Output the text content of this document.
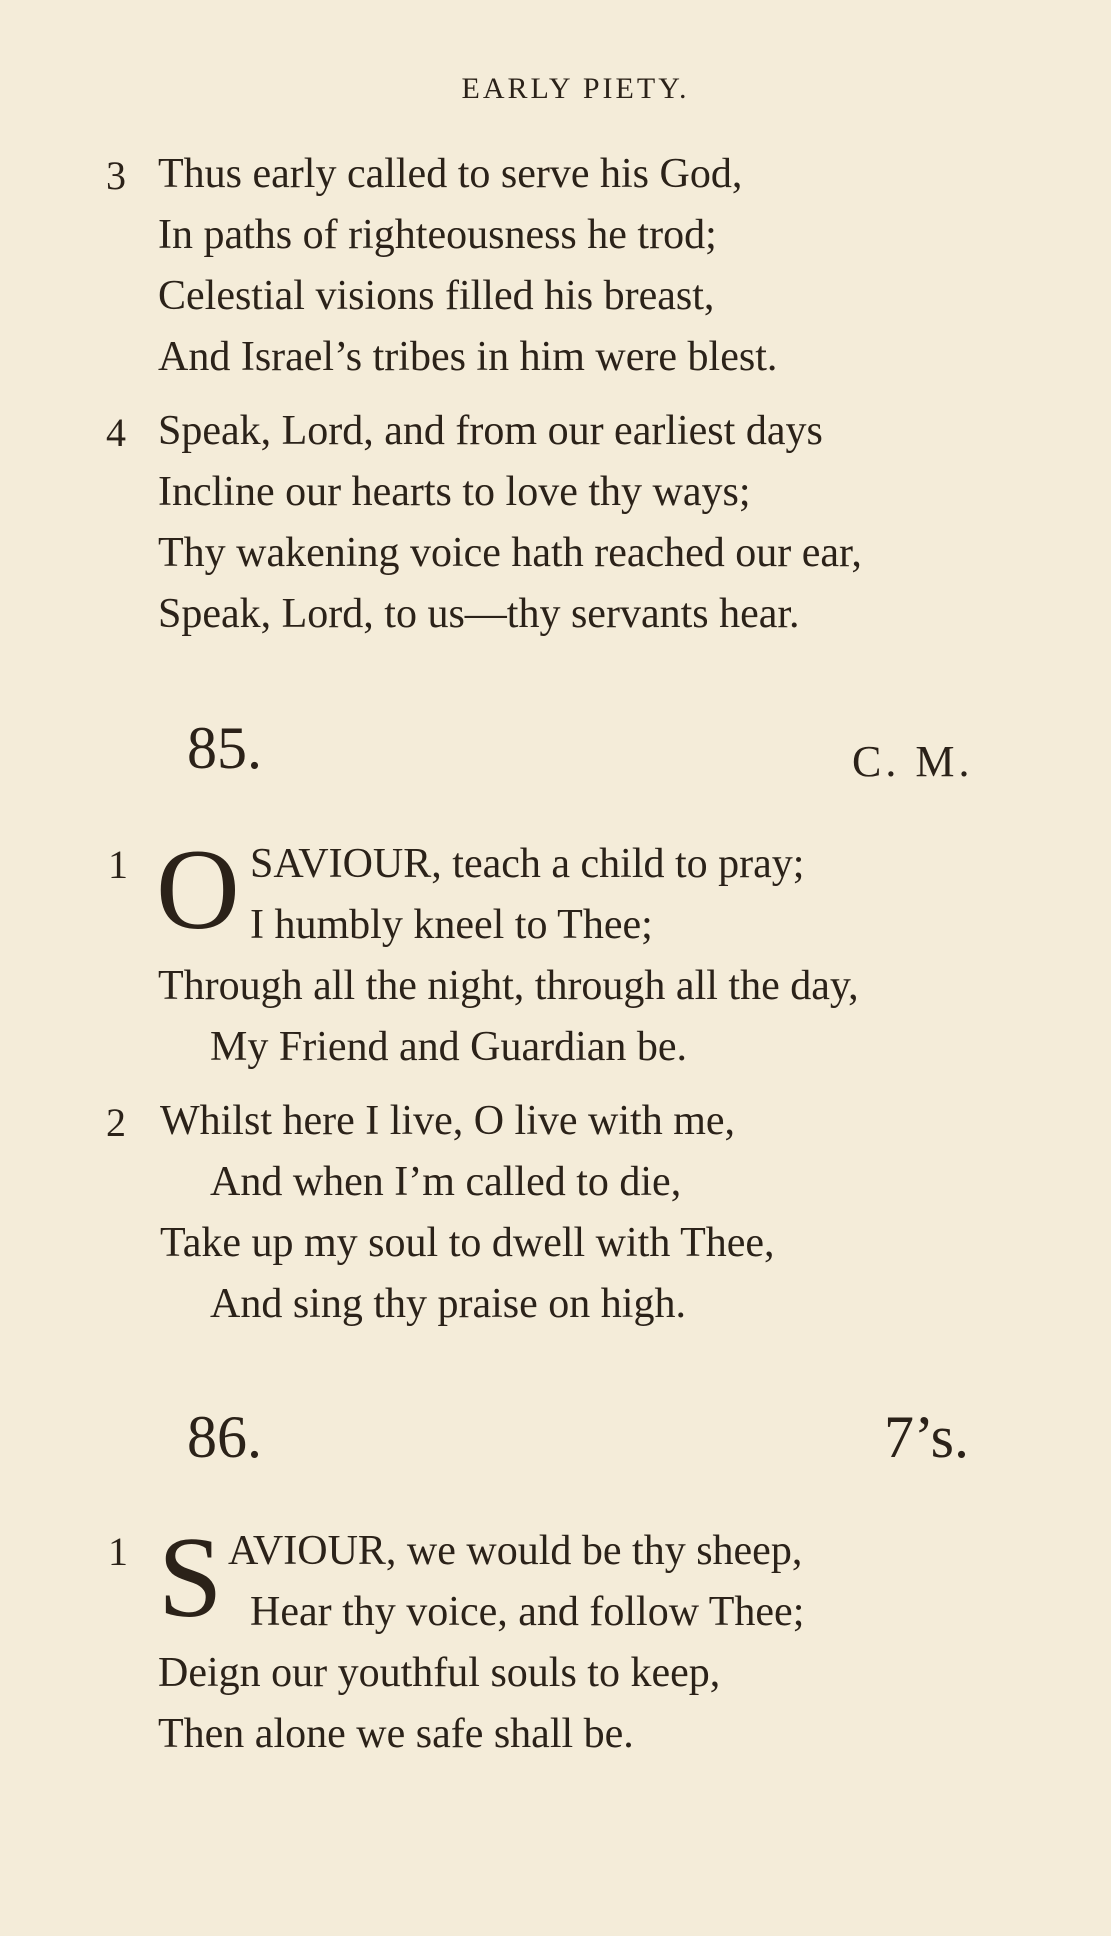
EARLY PIETY.
3 Thus early called to serve his God,
In paths of righteousness he trod;
Celestial visions filled his breast,
And Israel’s tribes in him were blest.
4 Speak, Lord, and from our earliest days
Incline our hearts to love thy ways;
Thy wakening voice hath reached our ear,
Speak, Lord, to us—thy servants hear.
85.	C. M.
1 O SAVIOUR, teach a child to pray;
I humbly kneel to Thee;
Through all the night, through all the day,
My Friend and Guardian be.
2 Whilst here I live, O live with me,
And when I’m called to die,
Take up my soul to dwell with Thee,
And sing thy praise on high.
86.	7’s.
1 S AVIOUR, we would be thy sheep,
Hear thy voice, and follow Thee;
Deign our youthful souls to keep,
Then alone we safe shall be.
